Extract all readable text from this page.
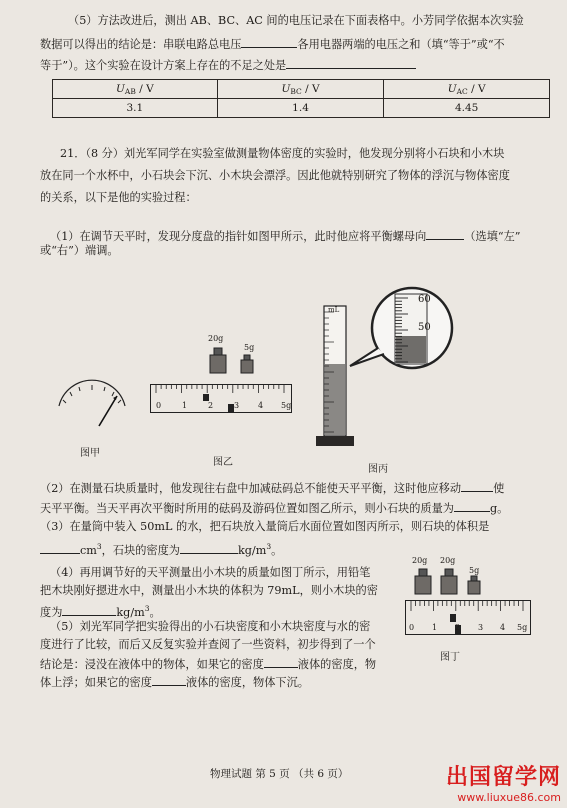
（5）方法改进后，测出 AB、BC、AC 间的电压记录在下面表格中。小芳同学依据本次实验
数据可以得出的结论是：串联电路总电压	各用电器两端的电压之和（填“等于”或“不
等于”）。这个实验在设计方案上存在的不足之处是
$U_{AB}$ / V	$U_{BC}$ / V	$U_{AC}$ / V
3.1	1.4	4.45
21．（8 分）刘光军同学在实验室做测量物体密度的实验时，他发现分别将小石块和小木块
放在同一个水杯中，小石块会下沉、小木块会漂浮。因此他就特别研究了物体的浮沉与物体密度
的关系，以下是他的实验过程：
（1）在调节天平时，发现分度盘的指针如图甲所示，此时他应将平衡螺母向	（选填“左”
或“右”）端调。
图甲
20g
5g
0	1	2	3 4 5g
图乙
mL
60
50
图丙
（2）在测量石块质量时，他发现往右盘中加减砝码总不能使天平平衡，这时他应移动	使
天平平衡。当天平再次平衡时所用的砝码及游码位置如图乙所示，则小石块的质量为	g。
（3）在量筒中装入 50mL 的水，把石块放入量筒后水面位置如图丙所示，则石块的体积是
$cm^3$，石块的密度为	$kg/m^3$。
（4）再用调节好的天平测量出小木块的质量如图丁所示，用铅笔
把木块刚好摁进水中，测量出小木块的体积为 79mL，则小木块的密
度为	$kg/m^3$。
20g 20g
5g
0 1 2 3 4 5g
图丁
（5）刘光军同学把实验得出的小石块密度和小木块密度与水的密
度进行了比较，而后又反复实验并查阅了一些资料，初步得到了一个
结论是：浸没在液体中的物体，如果它的密度	液体的密度，物
体上浮；如果它的密度	液体的密度，物体下沉。
物理试题 第 5 页 （共 6 页）	出国留学网
www.liuxue86.com
